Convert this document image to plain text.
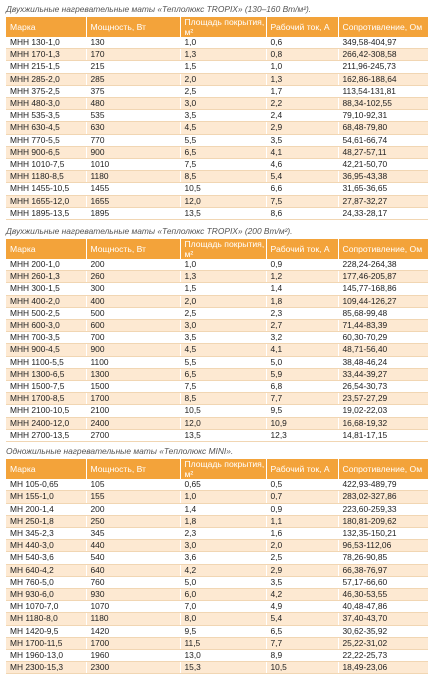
Двухжильные нагревательные маты «Теплолюкс TROPIX» (130–160 Вт/м²).
Марка	Мощность, Вт	Площадь покрытия, м²	Рабочий ток, А	Сопротивление, Ом
МНН 130-1,0	130	1,0	0,6	349,58-404,97
МНН 170-1,3	170	1,3	0,8	266,42-308,58
МНН 215-1,5	215	1,5	1,0	211,96-245,73
МНН 285-2,0	285	2,0	1,3	162,86-188,64
МНН 375-2,5	375	2,5	1,7	113,54-131,81
МНН 480-3,0	480	3,0	2,2	88,34-102,55
МНН 535-3,5	535	3,5	2,4	79,10-92,31
МНН 630-4,5	630	4,5	2,9	68,48-79,80
МНН 770-5,5	770	5,5	3,5	54,61-66,74
МНН 900-6,5	900	6,5	4,1	48,27-57,11
МНН 1010-7,5	1010	7,5	4,6	42,21-50,70
МНН 1180-8,5	1180	8,5	5,4	36,95-43,38
МНН 1455-10,5	1455	10,5	6,6	31,65-36,65
МНН 1655-12,0	1655	12,0	7,5	27,87-32,27
МНН 1895-13,5	1895	13,5	8,6	24,33-28,17
Двухжильные нагревательные маты «Теплолюкс TROPIX» (200 Вт/м²).
Марка	Мощность, Вт	Площадь покрытия, м²	Рабочий ток, А	Сопротивление, Ом
МНН 200-1,0	200	1,0	0,9	228,24-264,38
МНН 260-1,3	260	1,3	1,2	177,46-205,87
МНН 300-1,5	300	1,5	1,4	145,77-168,86
МНН 400-2,0	400	2,0	1,8	109,44-126,27
МНН 500-2,5	500	2,5	2,3	85,68-99,48
МНН 600-3,0	600	3,0	2,7	71,44-83,39
МНН 700-3,5	700	3,5	3,2	60,30-70,29
МНН 900-4,5	900	4,5	4,1	48,71-56,40
МНН 1100-5,5	1100	5,5	5,0	38,48-46,24
МНН 1300-6,5	1300	6,5	5,9	33,44-39,27
МНН 1500-7,5	1500	7,5	6,8	26,54-30,73
МНН 1700-8,5	1700	8,5	7,7	23,57-27,29
МНН 2100-10,5	2100	10,5	9,5	19,02-22,03
МНН 2400-12,0	2400	12,0	10,9	16,68-19,32
МНН 2700-13,5	2700	13,5	12,3	14,81-17,15
Одножильные нагревательные маты «Теплолюкс MINI».
Марка	Мощность, Вт	Площадь покрытия, м²	Рабочий ток, А	Сопротивление, Ом
МН 105-0,65	105	0,65	0,5	422,93-489,79
МН 155-1,0	155	1,0	0,7	283,02-327,86
МН 200-1,4	200	1,4	0,9	223,60-259,33
МН 250-1,8	250	1,8	1,1	180,81-209,62
МН 345-2,3	345	2,3	1,6	132,35-150,21
МН 440-3,0	440	3,0	2,0	96,53-112,06
МН 540-3,6	540	3,6	2,5	78,26-90,85
МН 640-4,2	640	4,2	2,9	66,38-76,97
МН 760-5,0	760	5,0	3,5	57,17-66,60
МН 930-6,0	930	6,0	4,2	46,30-53,55
МН 1070-7,0	1070	7,0	4,9	40,48-47,86
МН 1180-8,0	1180	8,0	5,4	37,40-43,70
МН 1420-9,5	1420	9,5	6,5	30,62-35,92
МН 1700-11,5	1700	11,5	7,7	25,22-31,02
МН 1960-13,0	1960	13,0	8,9	22,22-25,73
МН 2300-15,3	2300	15,3	10,5	18,49-23,06
